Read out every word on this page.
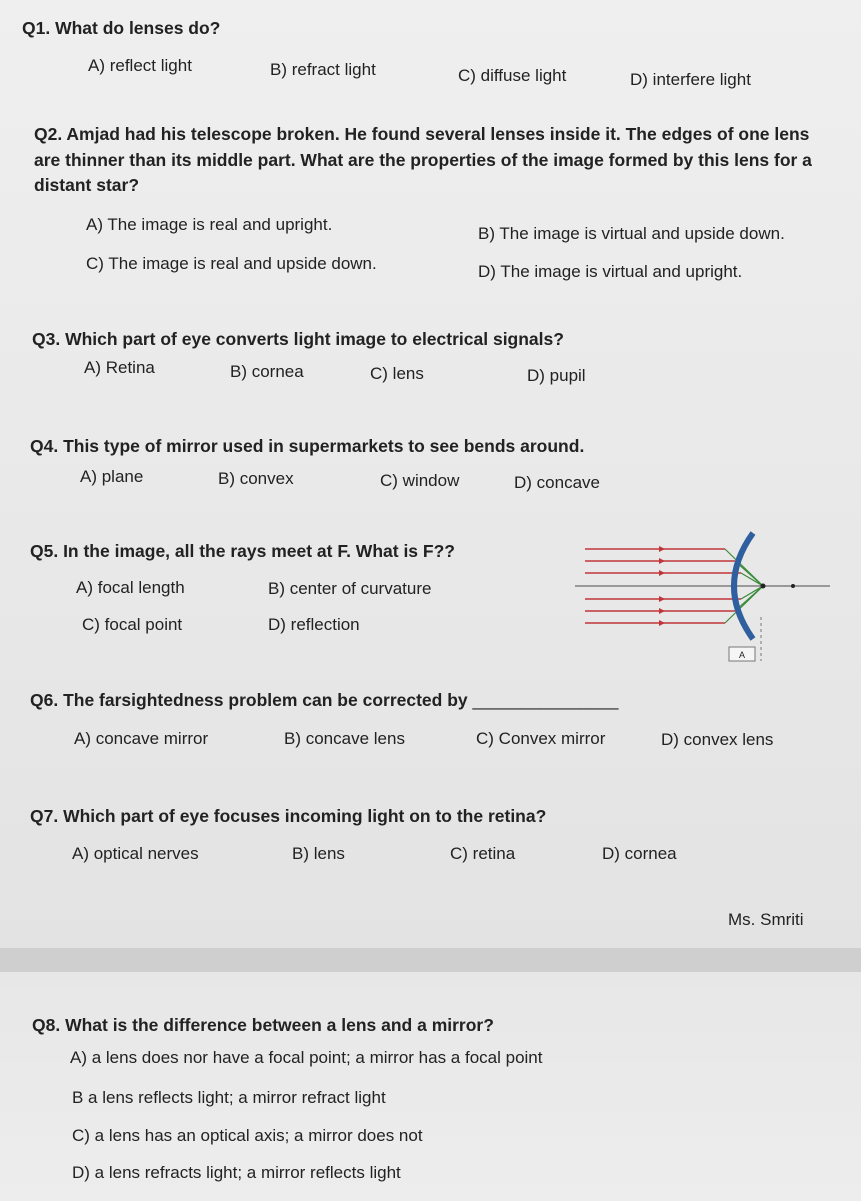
Q1. What do lenses do?
A) reflect light	B) refract light	C) diffuse light	D) interfere light
Q2. Amjad had his telescope broken. He found several lenses inside it. The edges of one lens
are thinner than its middle part. What are the properties of the image formed by this lens for a
distant star?
A) The image is real and upright.	B) The image is virtual and upside down.
C) The image is real and upside down.	D) The image is virtual and upright.
Q3. Which part of eye converts light image to electrical signals?
A) Retina	B) cornea	C) lens	D) pupil
Q4. This type of mirror used in supermarkets to see bends around.
A) plane	B) convex	C) window	D) concave
Q5. In the image, all the rays meet at F. What is F??
A) focal length	B) center of curvature
C) focal point	D) reflection
A
Q6. The farsightedness problem can be corrected by _______________
A) concave mirror	B) concave lens	C) Convex mirror	D) convex lens
Q7. Which part of eye focuses incoming light on to the retina?
A) optical nerves	B) lens	C) retina	D) cornea
Ms. Smriti
Q8. What is the difference between a lens and a mirror?
A) a lens does nor have a focal point; a mirror has a focal point
B a lens reflects light; a mirror refract light
C) a lens has an optical axis; a mirror does not
D) a lens refracts light; a mirror reflects light
